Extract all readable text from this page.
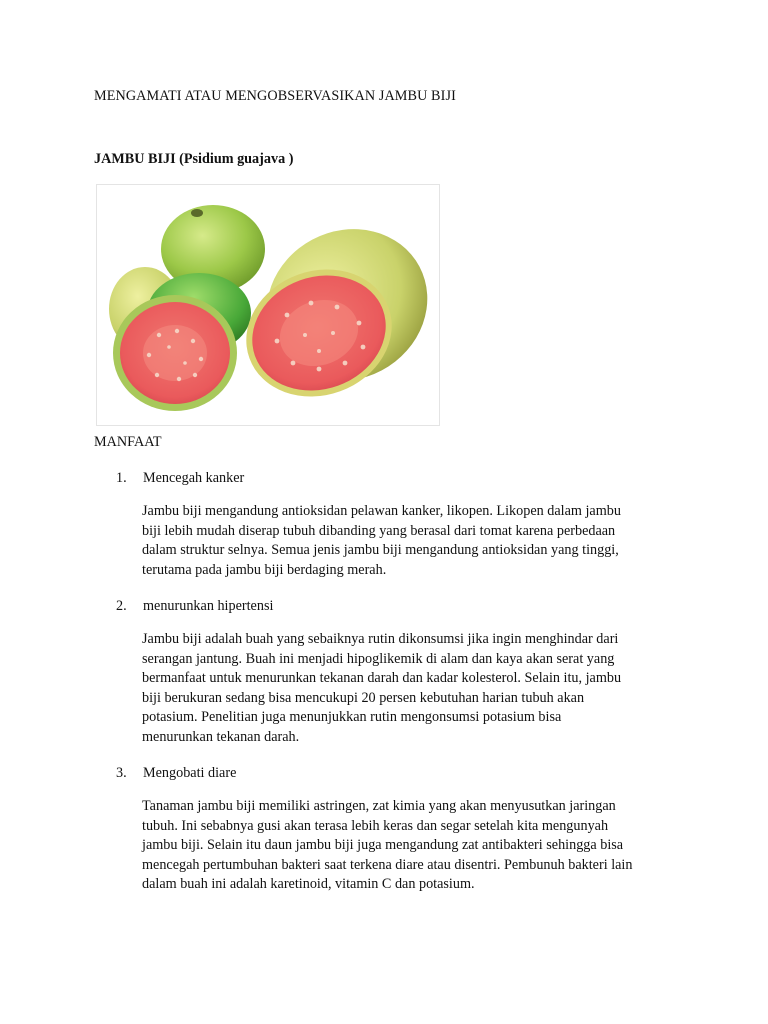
MENGAMATI ATAU MENGOBSERVASIKAN JAMBU BIJI
JAMBU BIJI (Psidium guajava )
MANFAAT
1. Mencegah kanker
Jambu biji mengandung antioksidan pelawan kanker, likopen. Likopen dalam jambu
biji lebih mudah diserap tubuh dibanding yang berasal dari tomat karena perbedaan
dalam struktur selnya. Semua jenis jambu biji mengandung antioksidan yang tinggi,
terutama pada jambu biji berdaging merah.
2. menurunkan hipertensi
Jambu biji adalah buah yang sebaiknya rutin dikonsumsi jika ingin menghindar dari
serangan jantung. Buah ini menjadi hipoglikemik di alam dan kaya akan serat yang
bermanfaat untuk menurunkan tekanan darah dan kadar kolesterol. Selain itu, jambu
biji berukuran sedang bisa mencukupi 20 persen kebutuhan harian tubuh akan
potasium. Penelitian juga menunjukkan rutin mengonsumsi potasium bisa
menurunkan tekanan darah.
3. Mengobati diare
Tanaman jambu biji memiliki astringen, zat kimia yang akan menyusutkan jaringan
tubuh. Ini sebabnya gusi akan terasa lebih keras dan segar setelah kita mengunyah
jambu biji. Selain itu daun jambu biji juga mengandung zat antibakteri sehingga bisa
mencegah pertumbuhan bakteri saat terkena diare atau disentri. Pembunuh bakteri lain
dalam buah ini adalah karetinoid, vitamin C dan potasium.
